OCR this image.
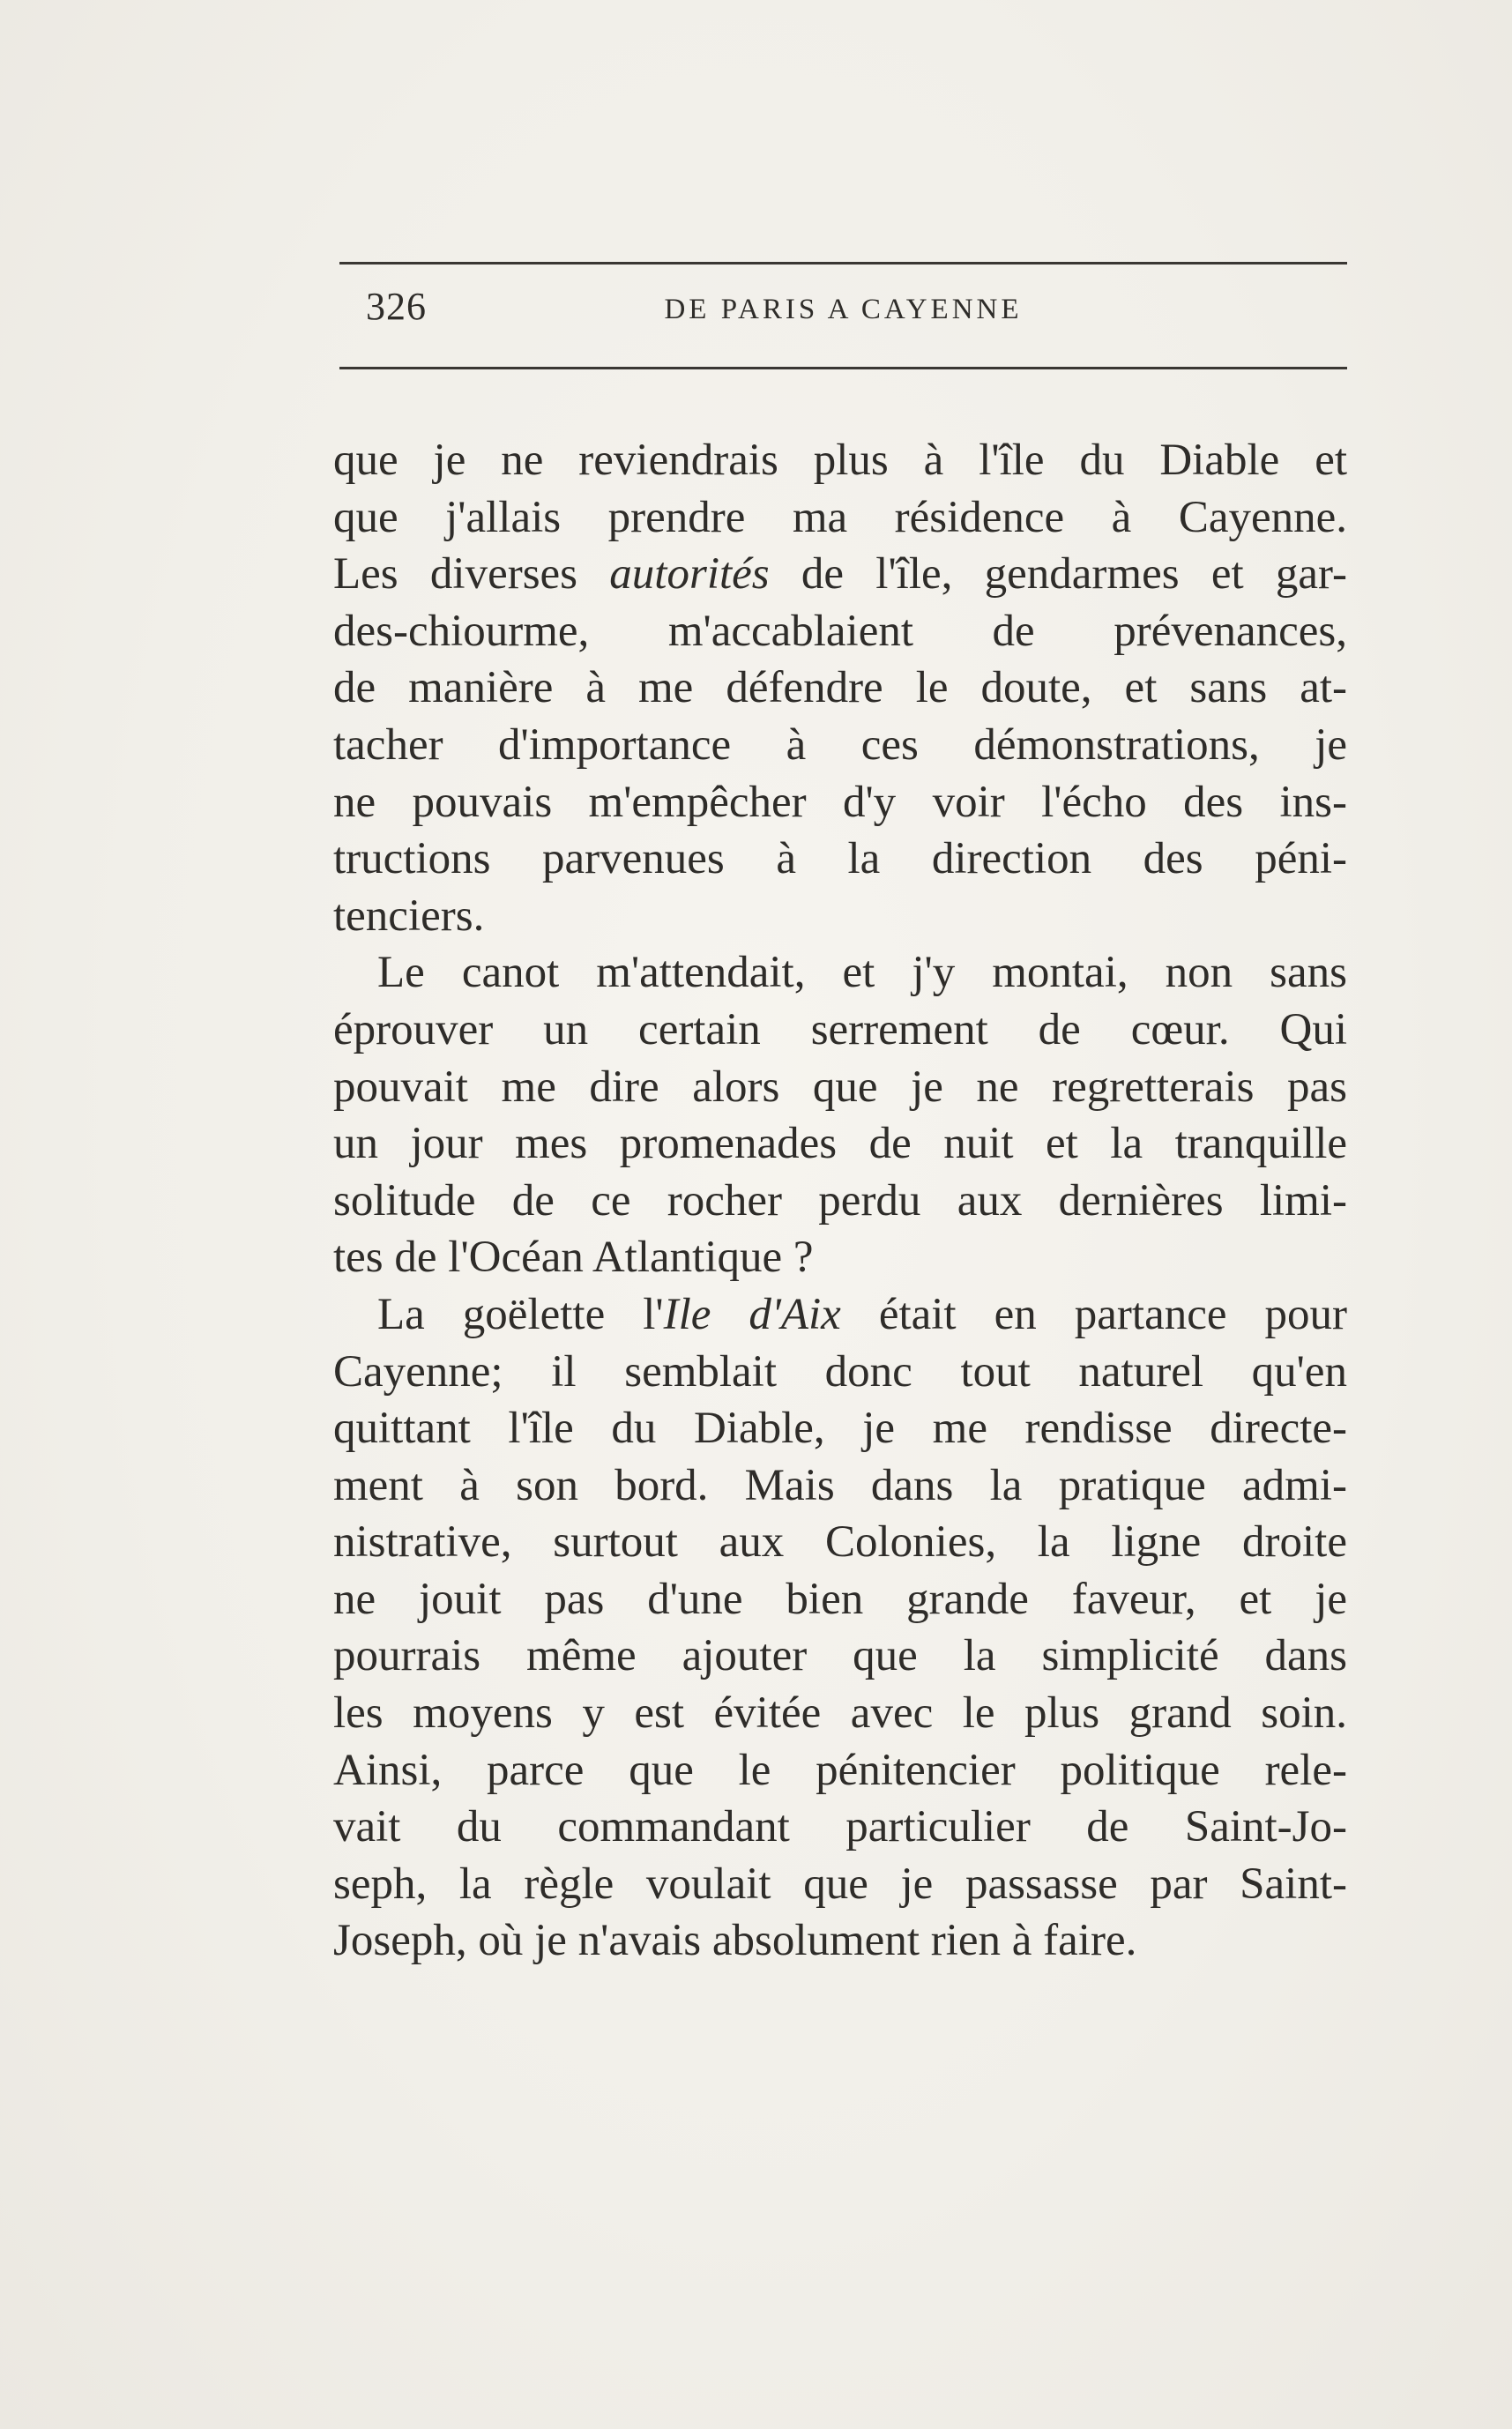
326	DE PARIS A CAYENNE
que je ne reviendrais plus à l'île du Diable et
que j'allais prendre ma résidence à Cayenne.
Les diverses autorités de l'île, gendarmes et gar-
des-chiourme, m'accablaient de prévenances,
de manière à me défendre le doute, et sans at-
tacher d'importance à ces démonstrations, je
ne pouvais m'empêcher d'y voir l'écho des ins-
tructions parvenues à la direction des péni-
tenciers.
Le canot m'attendait, et j'y montai, non sans
éprouver un certain serrement de cœur. Qui
pouvait me dire alors que je ne regretterais pas
un jour mes promenades de nuit et la tranquille
solitude de ce rocher perdu aux dernières limi-
tes de l'Océan Atlantique ?
La goëlette l'Ile d'Aix était en partance pour
Cayenne; il semblait donc tout naturel qu'en
quittant l'île du Diable, je me rendisse directe-
ment à son bord. Mais dans la pratique admi-
nistrative, surtout aux Colonies, la ligne droite
ne jouit pas d'une bien grande faveur, et je
pourrais même ajouter que la simplicité dans
les moyens y est évitée avec le plus grand soin.
Ainsi, parce que le pénitencier politique rele-
vait du commandant particulier de Saint-Jo-
seph, la règle voulait que je passasse par Saint-
Joseph, où je n'avais absolument rien à faire.
